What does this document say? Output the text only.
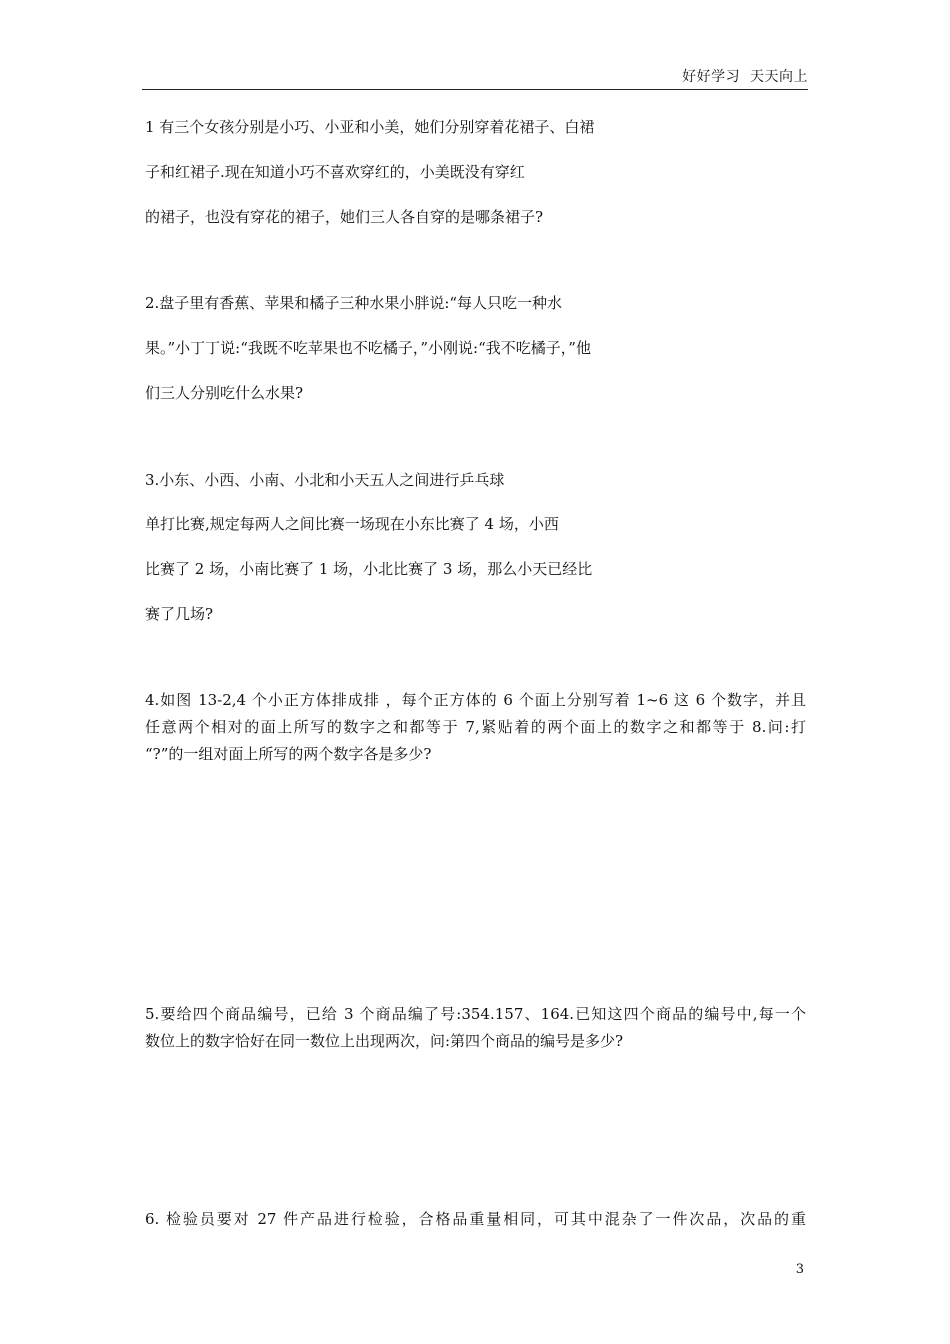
好好学习  天天向上
1 有三个女孩分别是小巧、小亚和小美，她们分别穿着花裙子、白裙
子和红裙子.现在知道小巧不喜欢穿红的，小美既没有穿红
的裙子，也没有穿花的裙子，她们三人各自穿的是哪条裙子?
2.盘子里有香蕉、苹果和橘子三种水果小胖说:“每人只吃一种水
果。”小丁丁说:“我既不吃苹果也不吃橘子，”小刚说:“我不吃橘子，”他
们三人分别吃什么水果?
3.小东、小西、小南、小北和小天五人之间进行乒乓球
单打比赛,规定每两人之间比赛一场现在小东比赛了 4 场，小西
比赛了 2 场，小南比赛了 1 场，小北比赛了 3 场，那么小天已经比
赛了几场?
4.如图 13-2,4 个小正方体排成排 ，每个正方体的 6 个面上分别写着 1~6 这 6 个数字，并且
任意两个相对的面上所写的数字之和都等于 7,紧贴着的两个面上的数字之和都等于 8.问:打
“?”的一组对面上所写的两个数字各是多少?
5.要给四个商品编号，已给 3 个商品编了号:354.157、164.已知这四个商品的编号中,每一个
数位上的数字恰好在同一数位上出现两次，问:第四个商品的编号是多少?
6. 检验员要对 27 件产品进行检验，合格品重量相同，可其中混杂了一件次品，次品的重
3
